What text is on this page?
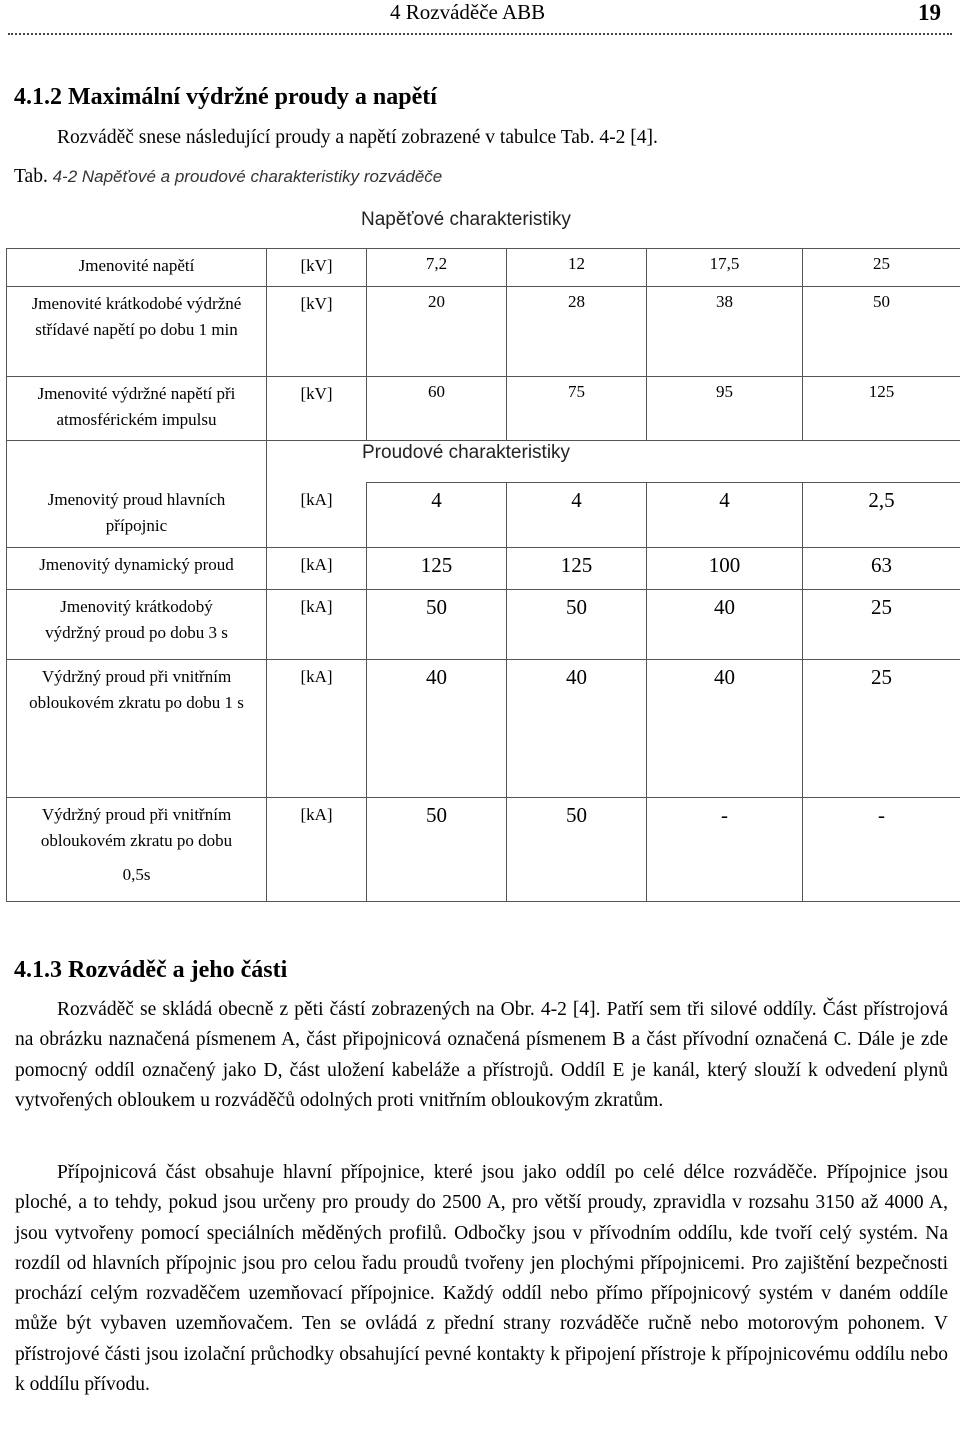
4 Rozváděče ABB	19
4.1.2 Maximální výdržné proudy a napětí
Rozváděč snese následující proudy a napětí zobrazené v tabulce Tab. 4-2 [4].
Tab. 4-2 Napěťové a proudové charakteristiky rozváděče
Napěťové charakteristiky
Jmenovité napětí	[kV]	7,2	12	17,5	25
Jmenovité krátkodobé výdržné střídavé napětí po dobu 1 min	[kV]	20	28	38	50
Jmenovité výdržné napětí při atmosférickém impulsu	[kV]	60	75	95	125

Jmenovitý proud hlavních přípojnic	[kA]	4	4	4	2,5
Jmenovitý dynamický proud	[kA]	125	125	100	63
Jmenovitý krátkodobý výdržný proud po dobu 3 s	[kA]	50	50	40	25
Výdržný proud při vnitřním obloukovém zkratu po dobu 1 s	[kA]	40	40	40	25

Výdržný proud při vnitřním obloukovém zkratu po dobu
0,5s	[kA]	50	50	-	-
Proudové charakteristiky
4.1.3 Rozváděč a jeho části

Rozváděč se skládá obecně z pěti částí zobrazených na Obr. 4-2 [4]. Patří sem tři silové oddíly. Část přístrojová na obrázku naznačená písmenem A, část připojnicová označená písmenem B a část přívodní označená C. Dále je zde pomocný oddíl označený jako D, část uložení kabeláže a přístrojů. Oddíl E je kanál, který slouží k odvedení plynů vytvořených obloukem u rozváděčů odolných proti vnitřním obloukovým zkratům.

Přípojnicová část obsahuje hlavní přípojnice, které jsou jako oddíl po celé délce rozváděče. Přípojnice jsou ploché, a to tehdy, pokud jsou určeny pro proudy do 2500 A, pro větší proudy, zpravidla v rozsahu 3150 až 4000 A, jsou vytvořeny pomocí speciálních měděných profilů. Odbočky jsou v přívodním oddílu, kde tvoří celý systém. Na rozdíl od hlavních přípojnic jsou pro celou řadu proudů tvořeny jen plochými přípojnicemi. Pro zajištění bezpečnosti prochází celým rozvaděčem uzemňovací přípojnice. Každý oddíl nebo přímo přípojnicový systém v daném oddíle může být vybaven uzemňovačem. Ten se ovládá z přední strany rozváděče ručně nebo motorovým pohonem. V přístrojové části jsou izolační průchodky obsahující pevné kontakty k připojení přístroje k přípojnicovému oddílu nebo k oddílu přívodu.
